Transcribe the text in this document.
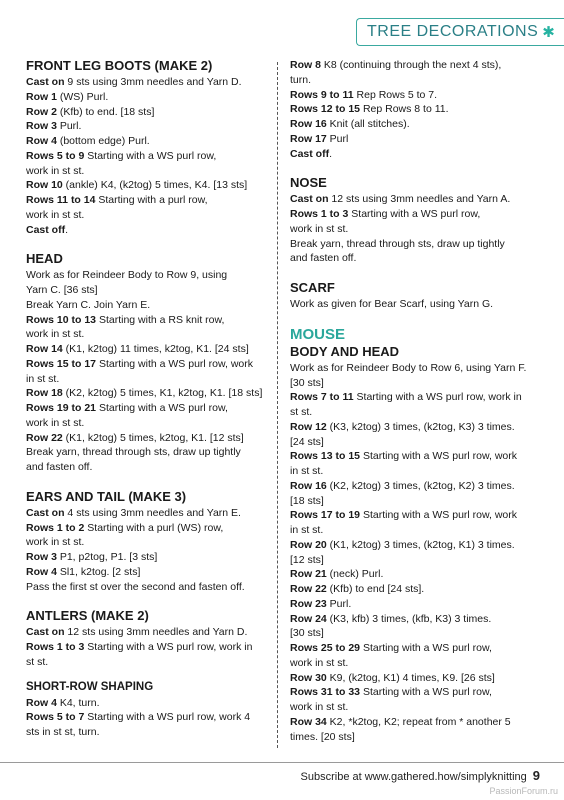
TREE DECORATIONS ✱
FRONT LEG BOOTS (MAKE 2)
Cast on 9 sts using 3mm needles and Yarn D.
Row 1 (WS) Purl.
Row 2 (Kfb) to end. [18 sts]
Row 3 Purl.
Row 4 (bottom edge) Purl.
Rows 5 to 9 Starting with a WS purl row,
work in st st.
Row 10 (ankle) K4, (k2tog) 5 times, K4. [13 sts]
Rows 11 to 14 Starting with a purl row,
work in st st.
Cast off.
HEAD
Work as for Reindeer Body to Row 9, using
Yarn C. [36 sts]
Break Yarn C. Join Yarn E.
Rows 10 to 13 Starting with a RS knit row,
work in st st.
Row 14 (K1, k2tog) 11 times, k2tog, K1. [24 sts]
Rows 15 to 17 Starting with a WS purl row, work
in st st.
Row 18 (K2, k2tog) 5 times, K1, k2tog, K1. [18 sts]
Rows 19 to 21 Starting with a WS purl row,
work in st st.
Row 22 (K1, k2tog) 5 times, k2tog, K1. [12 sts]
Break yarn, thread through sts, draw up tightly
and fasten off.
EARS AND TAIL (MAKE 3)
Cast on 4 sts using 3mm needles and Yarn E.
Rows 1 to 2 Starting with a purl (WS) row,
work in st st.
Row 3 P1, p2tog, P1. [3 sts]
Row 4 Sl1, k2tog. [2 sts]
Pass the first st over the second and fasten off.
ANTLERS (MAKE 2)
Cast on 12 sts using 3mm needles and Yarn D.
Rows 1 to 3 Starting with a WS purl row, work in
st st.
SHORT-ROW SHAPING
Row 4 K4, turn.
Rows 5 to 7 Starting with a WS purl row, work 4
sts in st st, turn.
Row 8 K8 (continuing through the next 4 sts),
turn.
Rows 9 to 11 Rep Rows 5 to 7.
Rows 12 to 15 Rep Rows 8 to 11.
Row 16 Knit (all stitches).
Row 17 Purl
Cast off.
NOSE
Cast on 12 sts using 3mm needles and Yarn A.
Rows 1 to 3 Starting with a WS purl row,
work in st st.
Break yarn, thread through sts, draw up tightly
and fasten off.
SCARF
Work as given for Bear Scarf, using Yarn G.
MOUSE
BODY AND HEAD
Work as for Reindeer Body to Row 6, using Yarn F.
[30 sts]
Rows 7 to 11 Starting with a WS purl row, work in
st st.
Row 12 (K3, k2tog) 3 times, (k2tog, K3) 3 times.
[24 sts]
Rows 13 to 15 Starting with a WS purl row, work
in st st.
Row 16 (K2, k2tog) 3 times, (k2tog, K2) 3 times.
[18 sts]
Rows 17 to 19 Starting with a WS purl row, work
in st st.
Row 20 (K1, k2tog) 3 times, (k2tog, K1) 3 times.
[12 sts]
Row 21 (neck) Purl.
Row 22 (Kfb) to end [24 sts].
Row 23 Purl.
Row 24 (K3, kfb) 3 times, (kfb, K3) 3 times.
[30 sts]
Rows 25 to 29 Starting with a WS purl row,
work in st st.
Row 30 K9, (k2tog, K1) 4 times, K9. [26 sts]
Rows 31 to 33 Starting with a WS purl row,
work in st st.
Row 34 K2, *k2tog, K2; repeat from * another 5
times. [20 sts]
Subscribe at www.gathered.how/simplyknitting 9
PassionForum.ru
